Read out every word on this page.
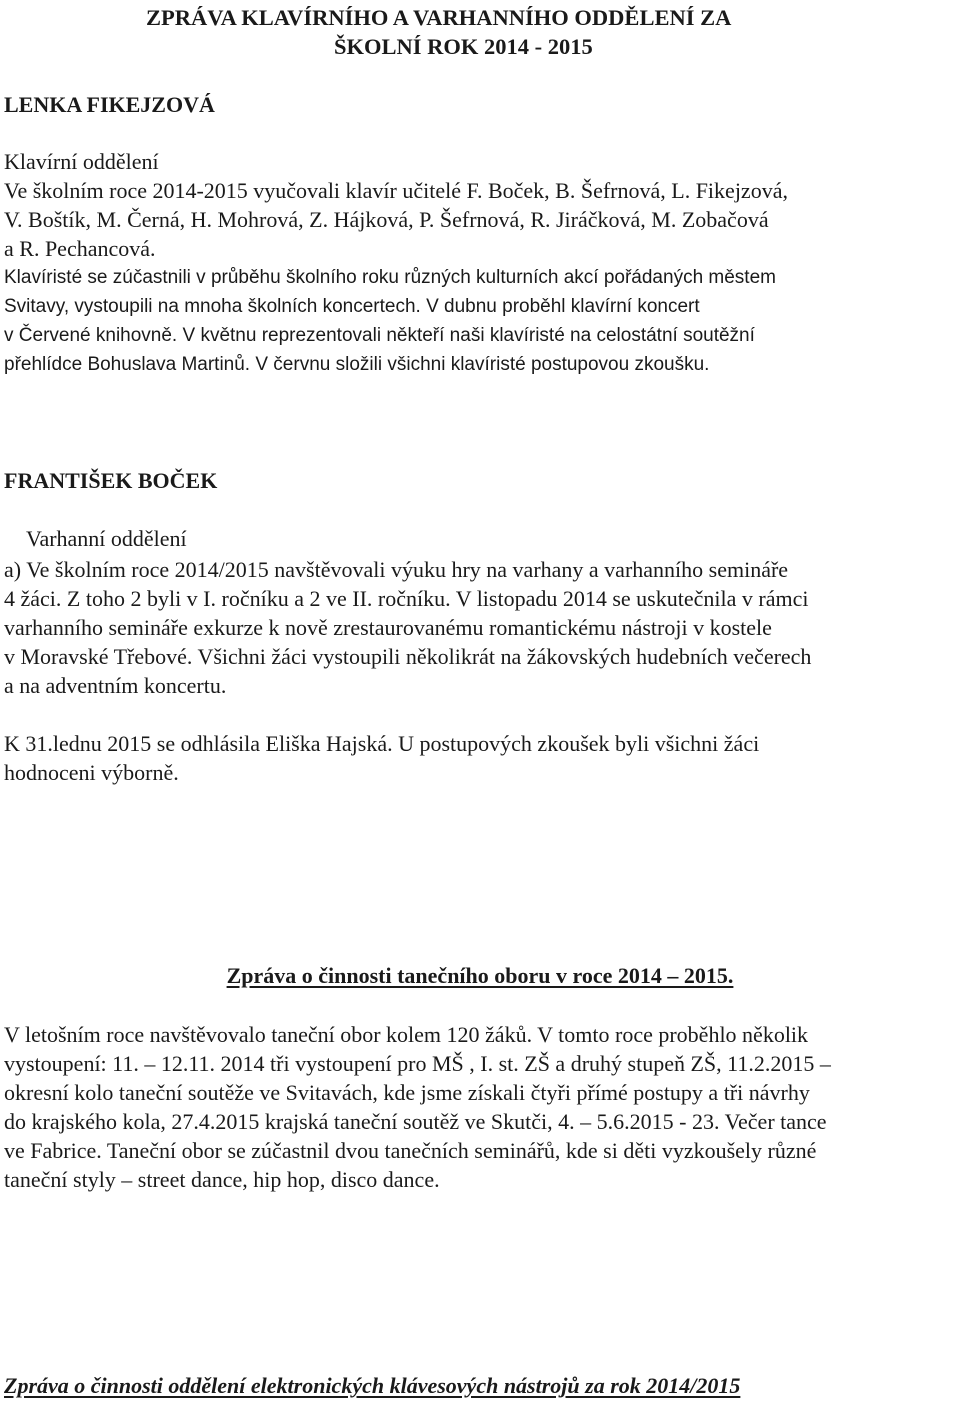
ZPRÁVA KLAVÍRNÍHO A VARHANNÍHO ODDĚLENÍ ZA
ŠKOLNÍ ROK 2014 - 2015
LENKA FIKEJZOVÁ
Klavírní oddělení
Ve školním roce 2014-2015 vyučovali klavír učitelé F. Boček, B. Šefrnová, L. Fikejzová,
V. Boštík, M. Černá, H. Mohrová, Z. Hájková, P. Šefrnová, R. Jiráčková, M. Zobačová
a R. Pechancová.
Klavíristé se zúčastnili v průběhu školního roku různých kulturních akcí pořádaných městem
Svitavy, vystoupili na mnoha školních koncertech. V dubnu proběhl klavírní koncert
v Červené knihovně. V květnu reprezentovali někteří naši klavíristé na celostátní soutěžní
přehlídce Bohuslava Martinů. V červnu složili všichni klavíristé postupovou zkoušku.
FRANTIŠEK BOČEK
Varhanní oddělení
a) Ve školním roce 2014/2015 navštěvovali výuku hry na varhany a varhanního semináře
4 žáci. Z toho 2 byli v I. ročníku a 2 ve II. ročníku. V listopadu 2014 se uskutečnila v rámci
varhanního semináře exkurze k nově zrestaurovanému romantickému nástroji v kostele
v Moravské Třebové. Všichni žáci vystoupili několikrát na žákovských hudebních večerech
a na adventním koncertu.
K 31.lednu 2015 se odhlásila Eliška Hajská. U postupových zkoušek byli všichni žáci
hodnoceni výborně.
Zpráva o činnosti tanečního oboru v roce 2014 – 2015.
V letošním roce navštěvovalo taneční obor kolem 120 žáků. V tomto roce proběhlo několik
vystoupení: 11. – 12.11. 2014 tři vystoupení pro MŠ , I. st. ZŠ a druhý stupeň ZŠ, 11.2.2015 –
okresní kolo taneční soutěže ve Svitavách, kde jsme získali čtyři přímé postupy a tři návrhy
do krajského kola, 27.4.2015 krajská taneční soutěž ve Skutči, 4. – 5.6.2015 - 23. Večer tance
ve Fabrice. Taneční obor se zúčastnil dvou tanečních seminářů, kde si děti vyzkoušely různé
taneční styly – street dance, hip hop, disco dance.
Zpráva o činnosti oddělení elektronických klávesových nástrojů za rok 2014/2015
